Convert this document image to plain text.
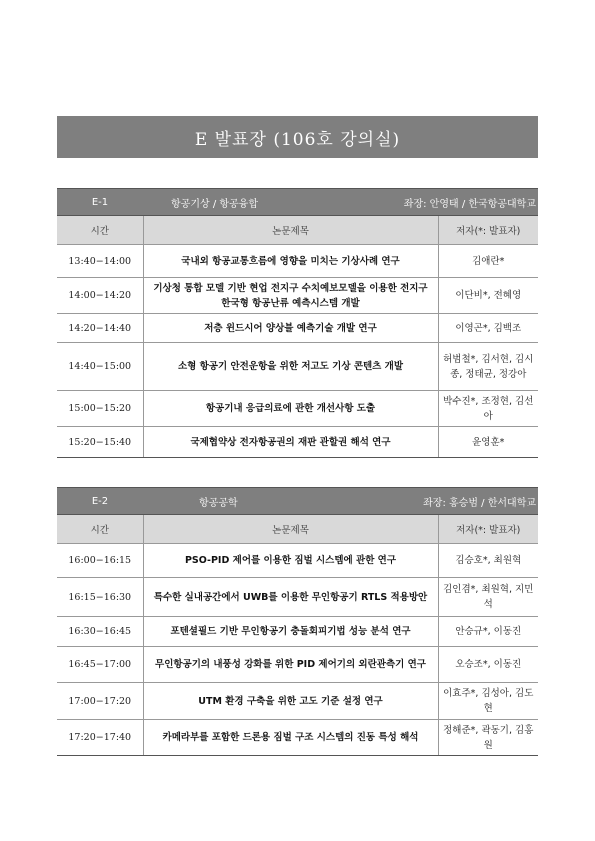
E 발표장 (106호 강의실)
E-1	항공기상 / 항공융합 좌장: 안영태 / 한국항공대학교	

시간	논문제목	저자(*: 발표자)
13:40−14:00	국내외 항공교통흐름에 영향을 미치는 기상사례 연구	김애란*
14:00−14:20	기상청 통합 모델 기반 현업 전지구 수치예보모델을 이용한 전지구 한국형 항공난류 예측시스템 개발	이단비*, 전혜영
14:20−14:40	저층 윈드시어 양상블 예측기술 개발 연구	이영곤*, 김백조
14:40−15:00	소형 항공기 안전운항을 위한 저고도 기상 콘텐츠 개발	허범철*, 김서현, 김시종, 정태균, 정강아
15:00−15:20	항공기내 응급의료에 관한 개선사항 도출	박수진*, 조정현, 김선아
15:20−15:40	국제협약상 전자항공권의 재판 관할권 해석 연구	윤영훈*
E-2	항공공학 좌장: 홍승범 / 한서대학교	

시간	논문제목	저자(*: 발표자)
16:00−16:15	PSO-PID 제어를 이용한 짐벌 시스템에 관한 연구	김승호*, 최원혁
16:15−16:30	특수한 실내공간에서 UWB를 이용한 무인항공기 RTLS 적용방안	김인겸*, 최원혁, 지민석
16:30−16:45	포텐셜필드 기반 무인항공기 충돌회피기법 성능 분석 연구	안승규*, 이동진
16:45−17:00	무인항공기의 내풍성 강화를 위한 PID 제어기의 외란관측기 연구	오승조*, 이동진
17:00−17:20	UTM 환경 구축을 위한 고도 기준 설정 연구	이효주*, 김성아, 김도현
17:20−17:40	카메라부를 포함한 드론용 짐벌 구조 시스템의 진동 특성 해석	정해준*, 곽동기, 김홍원
